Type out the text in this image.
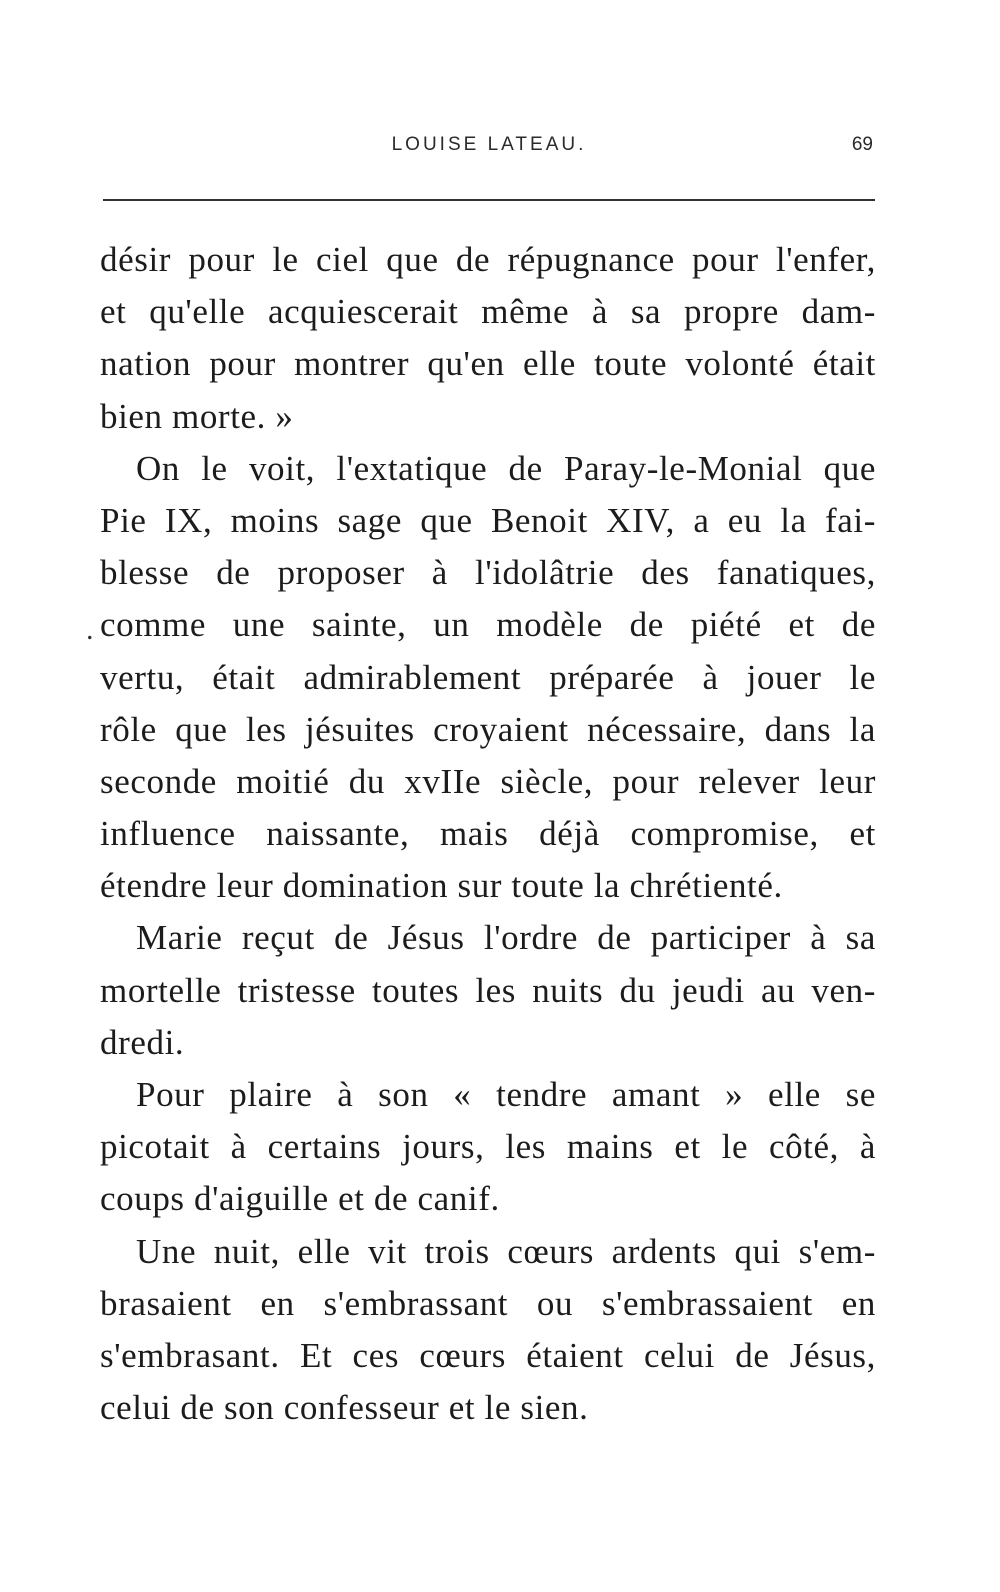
LOUISE LATEAU.	69
.
désir pour le ciel que de répugnance pour l'enfer,
et qu'elle acquiescerait même à sa propre dam-
nation pour montrer qu'en elle toute volonté était
bien morte. »
On le voit, l'extatique de Paray-le-Monial que
Pie IX, moins sage que Benoit XIV, a eu la fai-
blesse de proposer à l'idolâtrie des fanatiques,
comme une sainte, un modèle de piété et de
vertu, était admirablement préparée à jouer le
rôle que les jésuites croyaient nécessaire, dans la
seconde moitié du xvIIe siècle, pour relever leur
influence naissante, mais déjà compromise, et
étendre leur domination sur toute la chrétienté.
Marie reçut de Jésus l'ordre de participer à sa
mortelle tristesse toutes les nuits du jeudi au ven-
dredi.
Pour plaire à son « tendre amant » elle se
picotait à certains jours, les mains et le côté, à
coups d'aiguille et de canif.
Une nuit, elle vit trois cœurs ardents qui s'em-
brasaient en s'embrassant ou s'embrassaient en
s'embrasant. Et ces cœurs étaient celui de Jésus,
celui de son confesseur et le sien.
